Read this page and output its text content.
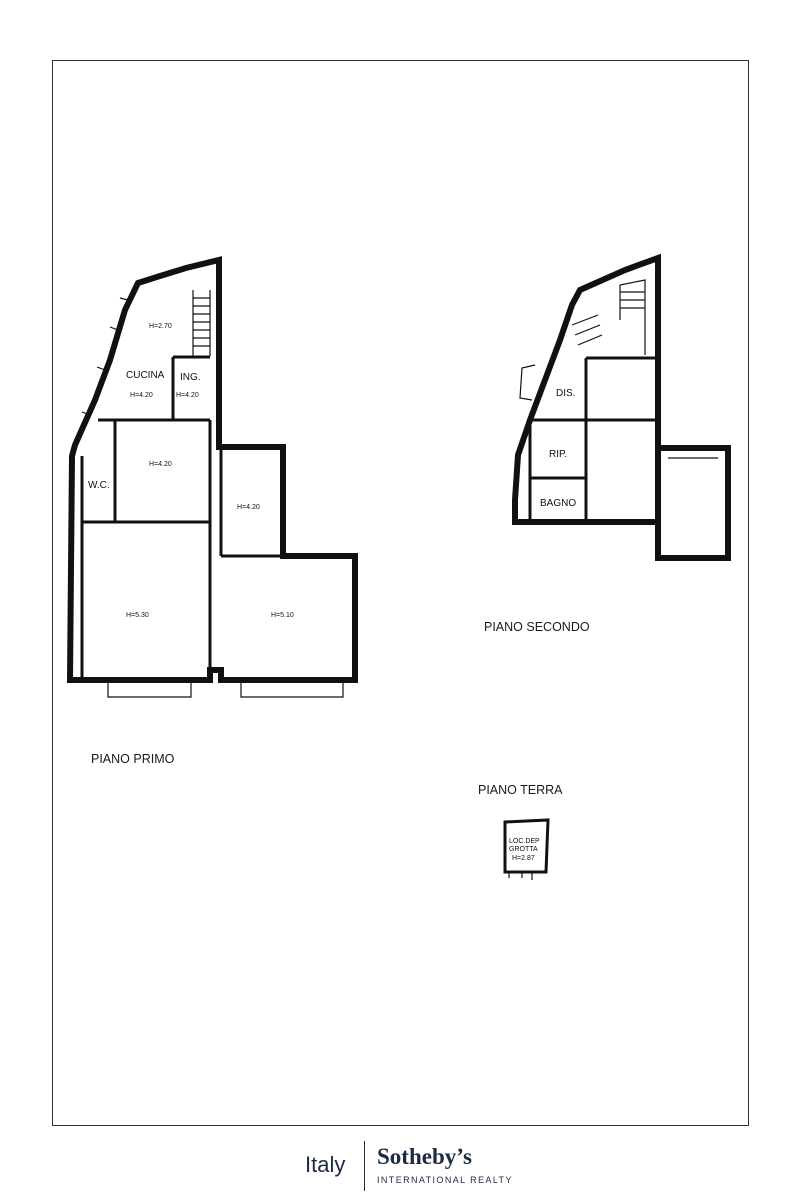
H=2.70
CUCINA
H=4.20
ING.
H=4.20
H=4.20
W.C.
H=4.20
H=5.30	H=5.10
PIANO PRIMO
DIS.
RIP.
BAGNO
PIANO SECONDO
PIANO TERRA
LOC.DEP
GROTTA
H=2.87
Italy Sotheby’s
INTERNATIONAL REALTY
